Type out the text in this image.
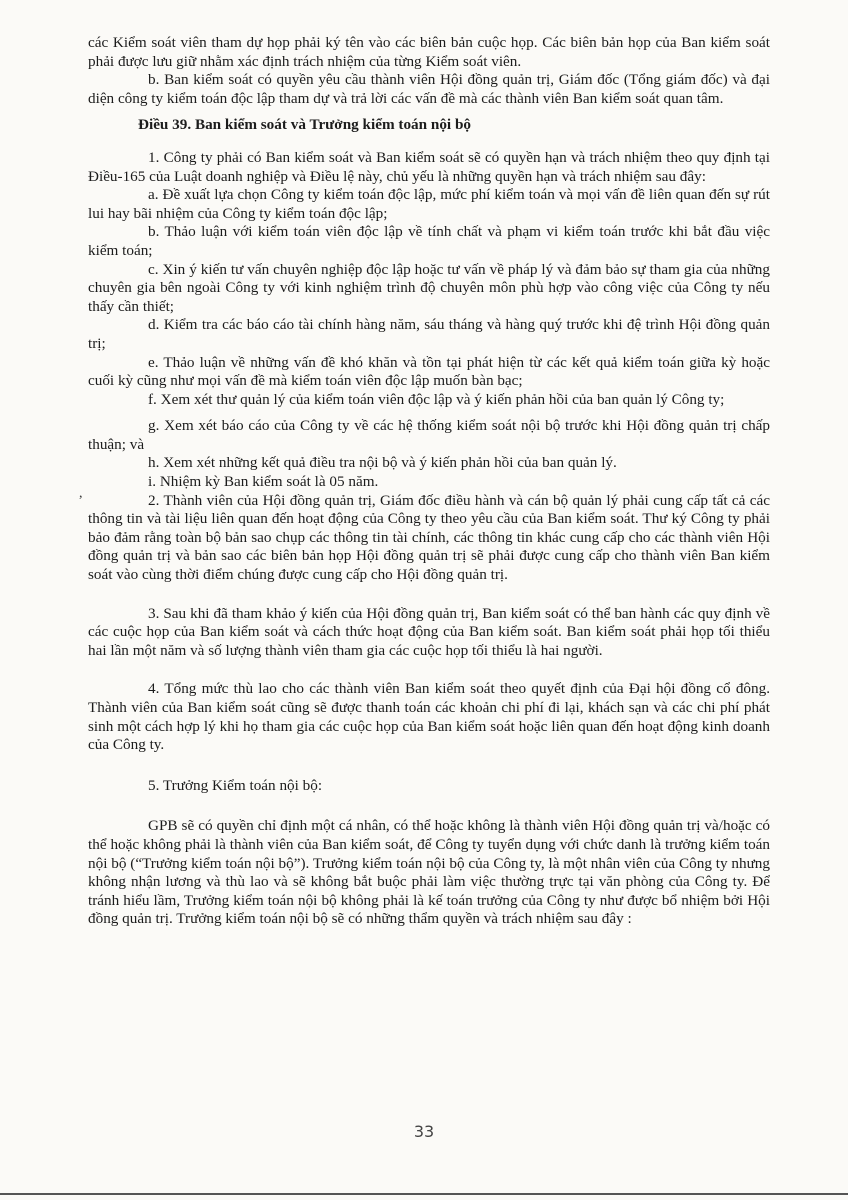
các Kiểm soát viên tham dự họp phải ký tên vào các biên bản cuộc họp. Các biên bản họp của Ban kiểm soát phải được lưu giữ nhằm xác định trách nhiệm của từng Kiểm soát viên.

b. Ban kiểm soát có quyền yêu cầu thành viên Hội đồng quản trị, Giám đốc (Tổng giám đốc) và đại diện công ty kiểm toán độc lập tham dự và trả lời các vấn đề mà các thành viên Ban kiểm soát quan tâm.

Điều 39. Ban kiểm soát và Trưởng kiểm toán nội bộ

1. Công ty phải có Ban kiểm soát và Ban kiểm soát sẽ có quyền hạn và trách nhiệm theo quy định tại Điều-165 của Luật doanh nghiệp và Điều lệ này, chủ yếu là những quyền hạn và trách nhiệm sau đây:

a. Đề xuất lựa chọn Công ty kiểm toán độc lập, mức phí kiểm toán và mọi vấn đề liên quan đến sự rút lui hay bãi nhiệm của Công ty kiểm toán độc lập;

b. Thảo luận với kiểm toán viên độc lập về tính chất và phạm vi kiểm toán trước khi bắt đầu việc kiểm toán;

c. Xin ý kiến tư vấn chuyên nghiệp độc lập hoặc tư vấn về pháp lý và đảm bảo sự tham gia của những chuyên gia bên ngoài Công ty với kinh nghiệm trình độ chuyên môn phù hợp vào công việc của Công ty nếu thấy cần thiết;

d. Kiểm tra các báo cáo tài chính hàng năm, sáu tháng và hàng quý trước khi đệ trình Hội đồng quản trị;

e. Thảo luận về những vấn đề khó khăn và tồn tại phát hiện từ các kết quả kiểm toán giữa kỳ hoặc cuối kỳ cũng như mọi vấn đề mà kiểm toán viên độc lập muốn bàn bạc;

f. Xem xét thư quản lý của kiểm toán viên độc lập và ý kiến phản hồi của ban quản lý Công ty;

g. Xem xét báo cáo của Công ty về các hệ thống kiểm soát nội bộ trước khi Hội đồng quản trị chấp thuận; và

h. Xem xét những kết quả điều tra nội bộ và ý kiến phản hồi của ban quản lý.

i. Nhiệm kỳ Ban kiểm soát là 05 năm.

2. Thành viên của Hội đồng quản trị, Giám đốc điều hành và cán bộ quản lý phải cung cấp tất cả các thông tin và tài liệu liên quan đến hoạt động của Công ty theo yêu cầu của Ban kiểm soát. Thư ký Công ty phải bảo đảm rằng toàn bộ bản sao chụp các thông tin tài chính, các thông tin khác cung cấp cho các thành viên Hội đồng quản trị và bản sao các biên bản họp Hội đồng quản trị sẽ phải được cung cấp cho thành viên Ban kiểm soát vào cùng thời điểm chúng được cung cấp cho Hội đồng quản trị.

3. Sau khi đã tham khảo ý kiến của Hội đồng quản trị, Ban kiểm soát có thể ban hành các quy định về các cuộc họp của Ban kiểm soát và cách thức hoạt động của Ban kiểm soát. Ban kiểm soát phải họp tối thiểu hai lần một năm và số lượng thành viên tham gia các cuộc họp tối thiểu là hai người.

4. Tổng mức thù lao cho các thành viên Ban kiểm soát theo quyết định của Đại hội đồng cổ đông. Thành viên của Ban kiểm soát cũng sẽ được thanh toán các khoản chi phí đi lại, khách sạn và các chi phí phát sinh một cách hợp lý khi họ tham gia các cuộc họp của Ban kiểm soát hoặc liên quan đến hoạt động kinh doanh của Công ty.

5. Trưởng Kiểm toán nội bộ:

GPB sẽ có quyền chỉ định một cá nhân, có thể hoặc không là thành viên Hội đồng quản trị và/hoặc có thể hoặc không phải là thành viên của Ban kiểm soát, để Công ty tuyển dụng với chức danh là trưởng kiểm toán nội bộ (“Trưởng kiểm toán nội bộ”). Trưởng kiểm toán nội bộ của Công ty, là một nhân viên của Công ty nhưng không nhận lương và thù lao và sẽ không bắt buộc phải làm việc thường trực tại văn phòng của Công ty. Để tránh hiểu lầm, Trưởng kiểm toán nội bộ không phải là kế toán trưởng của Công ty như được bổ nhiệm bởi Hội đồng quản trị. Trưởng kiểm toán nội bộ sẽ có những thẩm quyền và trách nhiệm sau đây :

,
33
